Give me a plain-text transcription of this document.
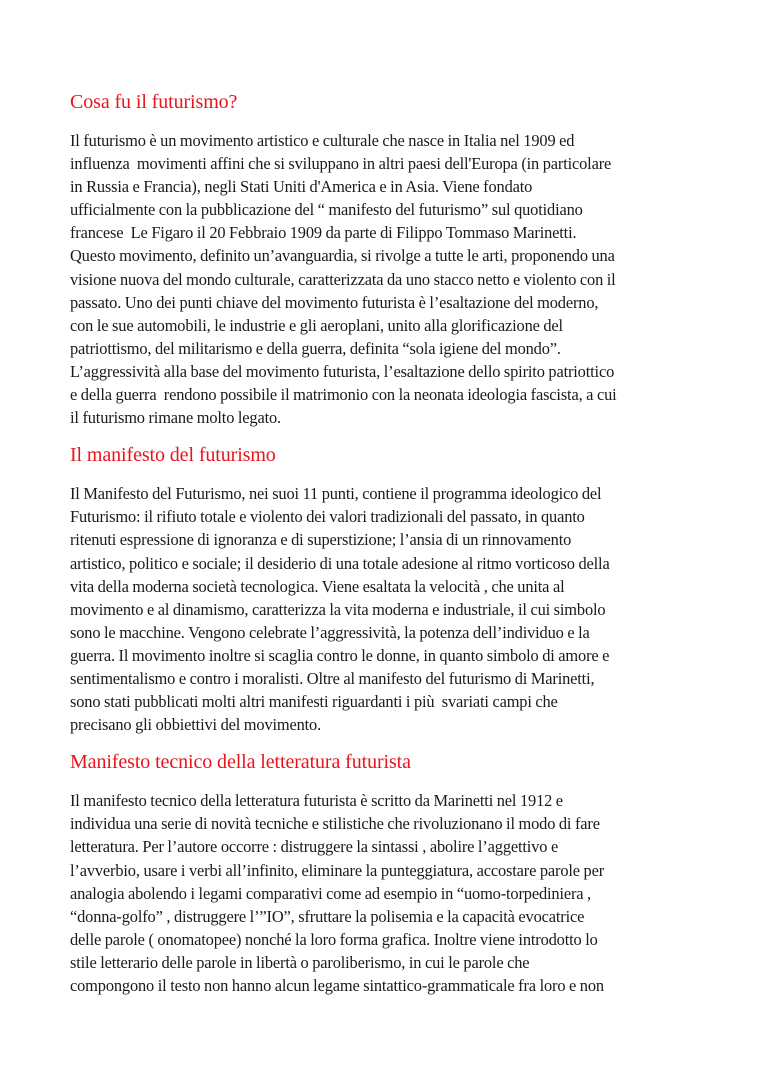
Cosa fu il futurismo?

Il futurismo è un movimento artistico e culturale che nasce in Italia nel 1909 ed
influenza  movimenti affini che si sviluppano in altri paesi dell'Europa (in particolare
in Russia e Francia), negli Stati Uniti d'America e in Asia. Viene fondato
ufficialmente con la pubblicazione del “ manifesto del futurismo” sul quotidiano
francese  Le Figaro il 20 Febbraio 1909 da parte di Filippo Tommaso Marinetti.
Questo movimento, definito un’avanguardia, si rivolge a tutte le arti, proponendo una
visione nuova del mondo culturale, caratterizzata da uno stacco netto e violento con il
passato. Uno dei punti chiave del movimento futurista è l’esaltazione del moderno,
con le sue automobili, le industrie e gli aeroplani, unito alla glorificazione del
patriottismo, del militarismo e della guerra, definita “sola igiene del mondo”.
L’aggressività alla base del movimento futurista, l’esaltazione dello spirito patriottico
e della guerra  rendono possibile il matrimonio con la neonata ideologia fascista, a cui
il futurismo rimane molto legato.

Il manifesto del futurismo

Il Manifesto del Futurismo, nei suoi 11 punti, contiene il programma ideologico del
Futurismo: il rifiuto totale e violento dei valori tradizionali del passato, in quanto
ritenuti espressione di ignoranza e di superstizione; l’ansia di un rinnovamento
artistico, politico e sociale; il desiderio di una totale adesione al ritmo vorticoso della
vita della moderna società tecnologica. Viene esaltata la velocità , che unita al
movimento e al dinamismo, caratterizza la vita moderna e industriale, il cui simbolo
sono le macchine. Vengono celebrate l’aggressività, la potenza dell’individuo e la
guerra. Il movimento inoltre si scaglia contro le donne, in quanto simbolo di amore e
sentimentalismo e contro i moralisti. Oltre al manifesto del futurismo di Marinetti,
sono stati pubblicati molti altri manifesti riguardanti i più  svariati campi che
precisano gli obbiettivi del movimento.

Manifesto tecnico della letteratura futurista

Il manifesto tecnico della letteratura futurista è scritto da Marinetti nel 1912 e
individua una serie di novità tecniche e stilistiche che rivoluzionano il modo di fare
letteratura. Per l’autore occorre : distruggere la sintassi , abolire l’aggettivo e
l’avverbio, usare i verbi all’infinito, eliminare la punteggiatura, accostare parole per
analogia abolendo i legami comparativi come ad esempio in “uomo-torpediniera ,
“donna-golfo” , distruggere l’”IO”, sfruttare la polisemia e la capacità evocatrice
delle parole ( onomatopee) nonché la loro forma grafica. Inoltre viene introdotto lo
stile letterario delle parole in libertà o paroliberismo, in cui le parole che
compongono il testo non hanno alcun legame sintattico-grammaticale fra loro e non
